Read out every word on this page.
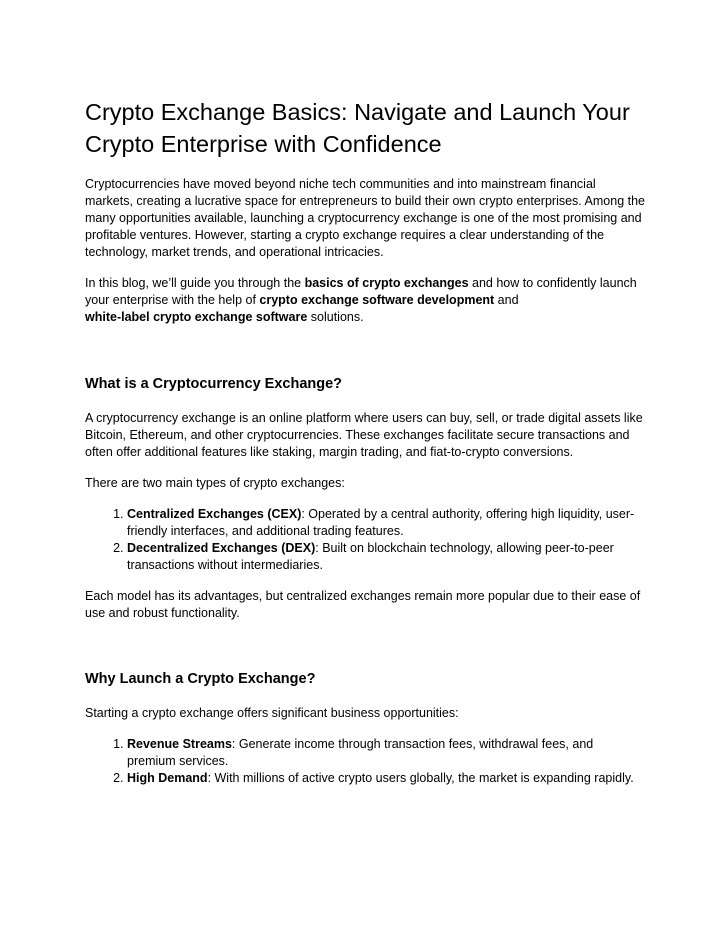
Crypto Exchange Basics: Navigate and Launch Your Crypto Enterprise with Confidence

Cryptocurrencies have moved beyond niche tech communities and into mainstream financial markets, creating a lucrative space for entrepreneurs to build their own crypto enterprises. Among the many opportunities available, launching a cryptocurrency exchange is one of the most promising and profitable ventures. However, starting a crypto exchange requires a clear understanding of the technology, market trends, and operational intricacies.

In this blog, we’ll guide you through the basics of crypto exchanges and how to confidently launch your enterprise with the help of crypto exchange software development and
white-label crypto exchange software solutions.

What is a Cryptocurrency Exchange?

A cryptocurrency exchange is an online platform where users can buy, sell, or trade digital assets like Bitcoin, Ethereum, and other cryptocurrencies. These exchanges facilitate secure transactions and often offer additional features like staking, margin trading, and fiat-to-crypto conversions.

There are two main types of crypto exchanges:

1. Centralized Exchanges (CEX): Operated by a central authority, offering high liquidity, user-friendly interfaces, and additional trading features.
2. Decentralized Exchanges (DEX): Built on blockchain technology, allowing peer-to-peer transactions without intermediaries.

Each model has its advantages, but centralized exchanges remain more popular due to their ease of use and robust functionality.

Why Launch a Crypto Exchange?

Starting a crypto exchange offers significant business opportunities:

1. Revenue Streams: Generate income through transaction fees, withdrawal fees, and premium services.
2. High Demand: With millions of active crypto users globally, the market is expanding rapidly.
